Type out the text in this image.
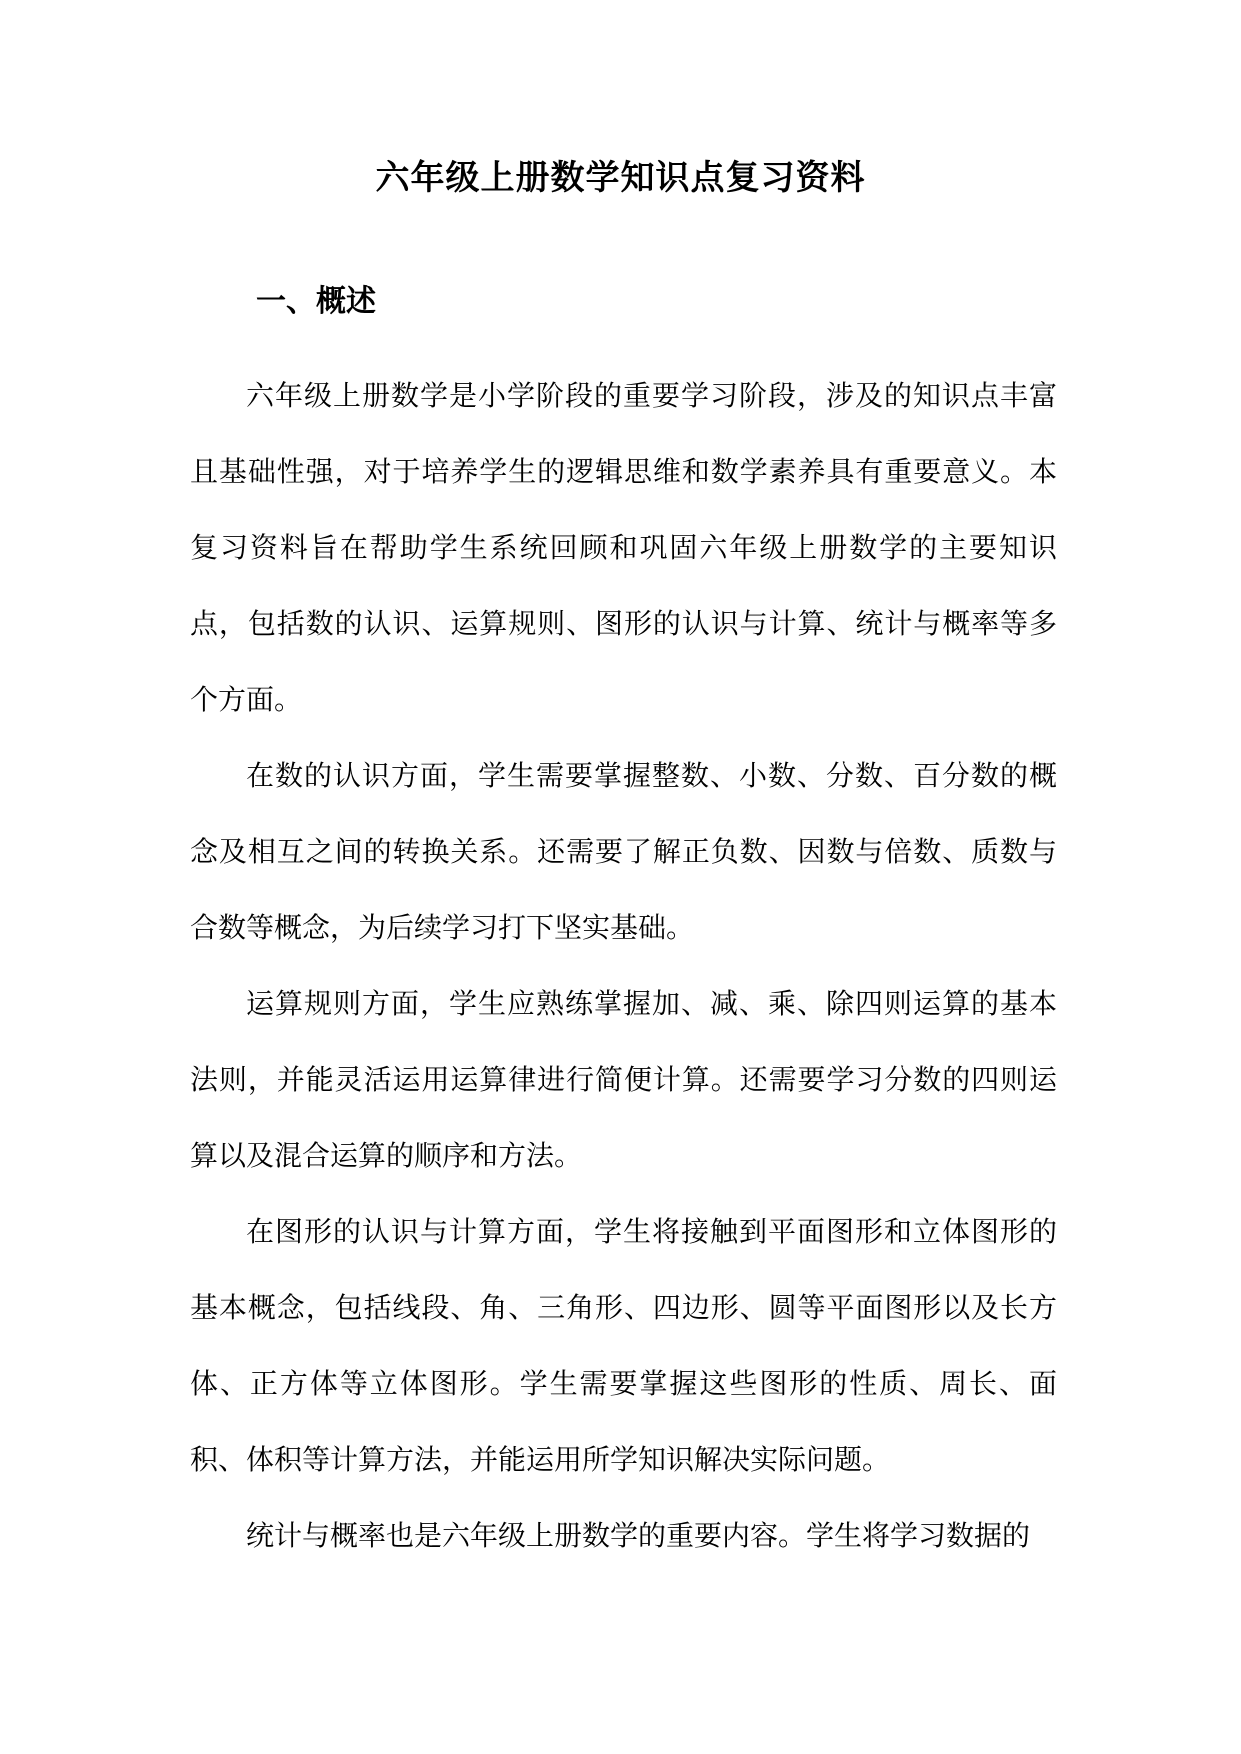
六年级上册数学知识点复习资料
一、概述

六年级上册数学是小学阶段的重要学习阶段，涉及的知识点丰富且基础性强，对于培养学生的逻辑思维和数学素养具有重要意义。本复习资料旨在帮助学生系统回顾和巩固六年级上册数学的主要知识点，包括数的认识、运算规则、图形的认识与计算、统计与概率等多个方面。

在数的认识方面，学生需要掌握整数、小数、分数、百分数的概念及相互之间的转换关系。还需要了解正负数、因数与倍数、质数与合数等概念，为后续学习打下坚实基础。

运算规则方面，学生应熟练掌握加、减、乘、除四则运算的基本法则，并能灵活运用运算律进行简便计算。还需要学习分数的四则运算以及混合运算的顺序和方法。

在图形的认识与计算方面，学生将接触到平面图形和立体图形的基本概念，包括线段、角、三角形、四边形、圆等平面图形以及长方体、正方体等立体图形。学生需要掌握这些图形的性质、周长、面积、体积等计算方法，并能运用所学知识解决实际问题。

统计与概率也是六年级上册数学的重要内容。学生将学习数据的
